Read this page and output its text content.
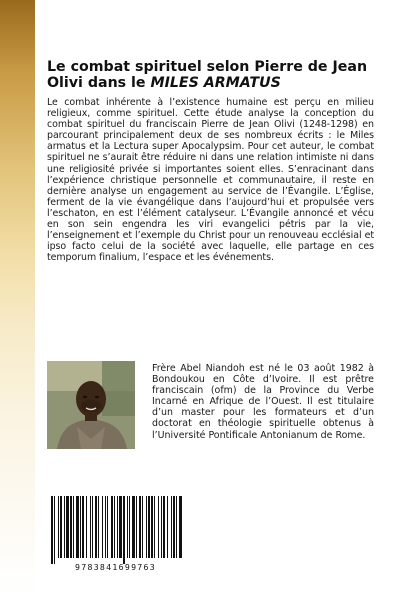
Le combat spirituel selon Pierre de Jean
Olivi dans le MILES ARMATUS

Le combat inhérente à l’existence humaine est perçu en milieu religieux, comme spirituel. Cette étude analyse la conception du combat spirituel du franciscain Pierre de Jean Olivi (1248-1298) en parcourant principalement deux de ses nombreux écrits : le Miles armatus et la Lectura super Apocalypsim. Pour cet auteur, le combat spirituel ne s’aurait être réduire ni dans une relation intimiste ni dans une religiosité privée si importantes soient elles. S’enracinant dans l’expérience christique personnelle et communautaire, il reste en dernière analyse un engagement au service de l’Évangile. L’Église, ferment de la vie évangélique dans l’aujourd’hui et propulsée vers l’eschaton, en est l’élément catalyseur. L’Évangile annoncé et vécu en son sein engendra les viri evangelici pétris par la vie, l’enseignement et l’exemple du Christ pour un renouveau ecclésial et ipso facto celui de la société avec laquelle, elle partage en ces temporum finalium, l’espace et les événements.

Frère Abel Niandoh est né le 03 août 1982 à Bondoukou en Côte d’Ivoire. Il est prêtre franciscain (ofm) de la Province du Verbe Incarné en Afrique de l’Ouest. Il est titulaire d’un master pour les formateurs et d’un doctorat en théologie spirituelle obtenus à l’Université Pontificale Antonianum de Rome.
9783841699763
